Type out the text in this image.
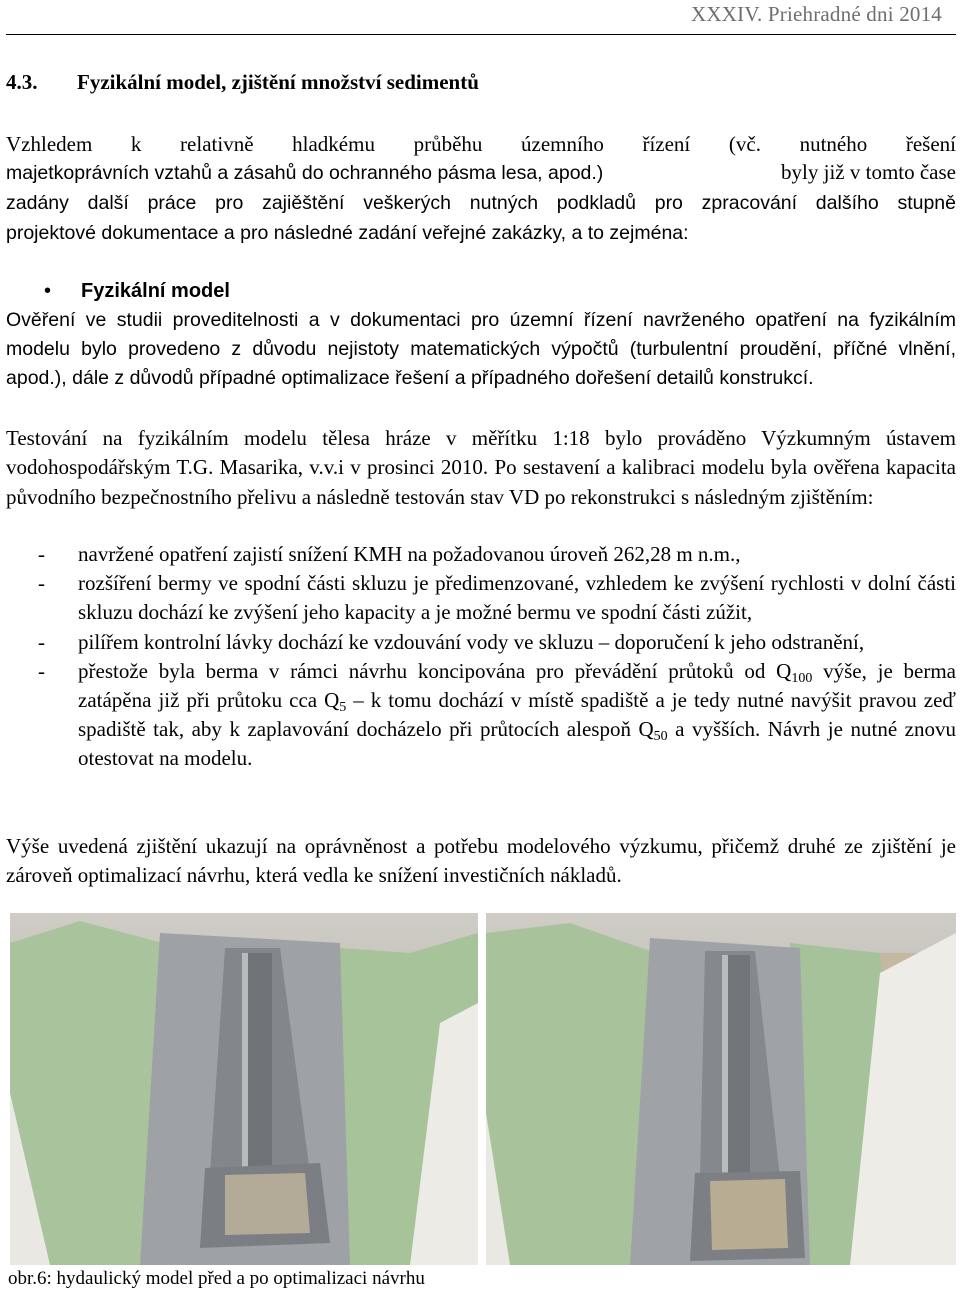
XXXIV. Priehradné dni 2014
4.3. Fyzikální model, zjištění množství sedimentů
Vzhledem k relativně hladkému průběhu územního řízení (vč. nutného řešení
majetkoprávních vztahů a zásahů do ochranného pásma lesa, apod.)	byly již v tomto čase
zadány další práce pro zajiěštění veškerých nutných podkladů pro zpracování dalšího stupně
projektové dokumentace a pro následné zadání veřejné zakázky, a to zejména:
• Fyzikální model
Ověření ve studii proveditelnosti a v dokumentaci pro územní řízení navrženého opatření na fyzikálním modelu bylo provedeno z důvodu nejistoty matematických výpočtů (turbulentní proudění, příčné vlnění, apod.), dále z důvodů případné optimalizace řešení a případného dořešení detailů konstrukcí.
Testování na fyzikálním modelu tělesa hráze v měřítku 1:18 bylo prováděno Výzkumným ústavem vodohospodářským T.G. Masarika, v.v.i v prosinci 2010. Po sestavení a kalibraci modelu byla ověřena kapacita původního bezpečnostního přelivu a následně testován stav VD po rekonstrukci s následným zjištěním:
- navržené opatření zajistí snížení KMH na požadovanou úroveň 262,28 m n.m.,
- rozšíření bermy ve spodní části skluzu je předimenzované, vzhledem ke zvýšení rychlosti v dolní části skluzu dochází ke zvýšení jeho kapacity a je možné bermu ve spodní části zúžit,
- pilířem kontrolní lávky dochází ke vzdouvání vody ve skluzu – doporučení k jeho odstranění,
- přestože byla berma v rámci návrhu koncipována pro převádění průtoků od $Q_{100}$ výše, je berma zatápěna již při průtoku cca $Q_5$ – k tomu dochází v místě spadiště a je tedy nutné navýšit pravou zeď spadiště tak, aby k zaplavování docházelo při průtocích alespoň $Q_{50}$ a vyšších. Návrh je nutné znovu otestovat na modelu.
Výše uvedená zjištění ukazují na oprávněnost a potřebu modelového výzkumu, přičemž druhé ze zjištění je zároveň optimalizací návrhu, která vedla ke snížení investičních nákladů.
obr.6: hydaulický model před a po optimalizaci návrhu
